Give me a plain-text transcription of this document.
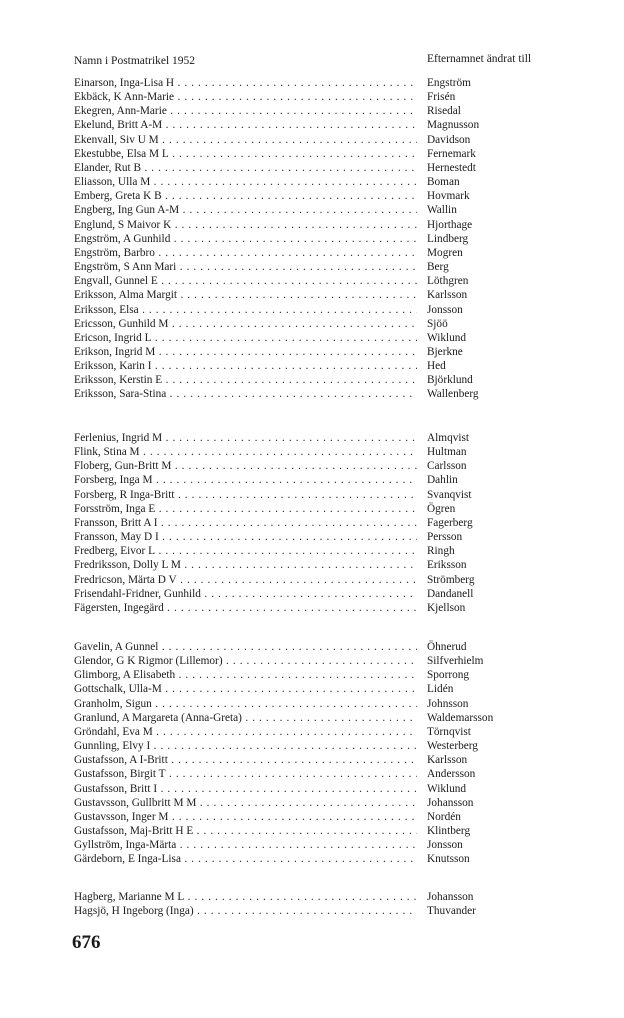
Namn i Postmatrikel 1952	Efternamnet ändrat till
Einarson, Inga-Lisa H . . .	Engström
Ekbäck, K Ann-Marie . . .	Frisén
Ekegren, Ann-Marie . . .	Risedal
Ekelund, Britt A-M . . .	Magnusson
Ekenvall, Siv U M . . .	Davidson
Ekestubbe, Elsa M L . . .	Fernemark
Elander, Rut B . . .	Hernestedt
Eliasson, Ulla M . . .	Boman
Emberg, Greta K B . . .	Hovmark
Engberg, Ing Gun A-M . . .	Wallin
Englund, S Maivor K . . .	Hjorthage
Engström, A Gunhild . . .	Lindberg
Engström, Barbro . . .	Mogren
Engström, S Ann Mari . . .	Berg
Engvall, Gunnel E . . .	Löthgren
Eriksson, Alma Margit . . .	Karlsson
Eriksson, Elsa . . .	Jonsson
Ericsson, Gunhild M . . .	Sjöö
Ericson, Ingrid L . . .	Wiklund
Erikson, Ingrid M . . .	Bjerkne
Eriksson, Karin I . . .	Hed
Eriksson, Kerstin E . . .	Björklund
Eriksson, Sara-Stina . . .	Wallenberg
Ferlenius, Ingrid M . . .	Almqvist
Flink, Stina M . . .	Hultman
Floberg, Gun-Britt M . . .	Carlsson
Forsberg, Inga M . . .	Dahlin
Forsberg, R Inga-Britt . . .	Svanqvist
Forsström, Inga E . . .	Ögren
Fransson, Britt A I . . .	Fagerberg
Fransson, May D I . . .	Persson
Fredberg, Eivor L . . .	Ringh
Fredriksson, Dolly L M . . .	Eriksson
Fredricson, Märta D V . . .	Strömberg
Frisendahl-Fridner, Gunhild . . .	Dandanell
Fägersten, Ingegärd . . .	Kjellson
Gavelin, A Gunnel . . .	Öhnerud
Glendor, G K Rigmor (Lillemor) . . .	Silfverhielm
Glimborg, A Elisabeth . . .	Sporrong
Gottschalk, Ulla-M . . .	Lidén
Granholm, Sigun . . .	Johnsson
Granlund, A Margareta (Anna-Greta) . . .	Waldemarsson
Gröndahl, Eva M . . .	Törnqvist
Gunnling, Elvy I . . .	Westerberg
Gustafsson, A I-Britt . . .	Karlsson
Gustafsson, Birgit T . . .	Andersson
Gustafsson, Britt I . . .	Wiklund
Gustavsson, Gullbritt M M . . .	Johansson
Gustavsson, Inger M . . .	Nordén
Gustafsson, Maj-Britt H E . . .	Klintberg
Gyllström, Inga-Märta . . .	Jonsson
Gärdeborn, E Inga-Lisa . . .	Knutsson
Hagberg, Marianne M L . . .	Johansson
Hagsjö, H Ingeborg (Inga) . . .	Thuvander
676
